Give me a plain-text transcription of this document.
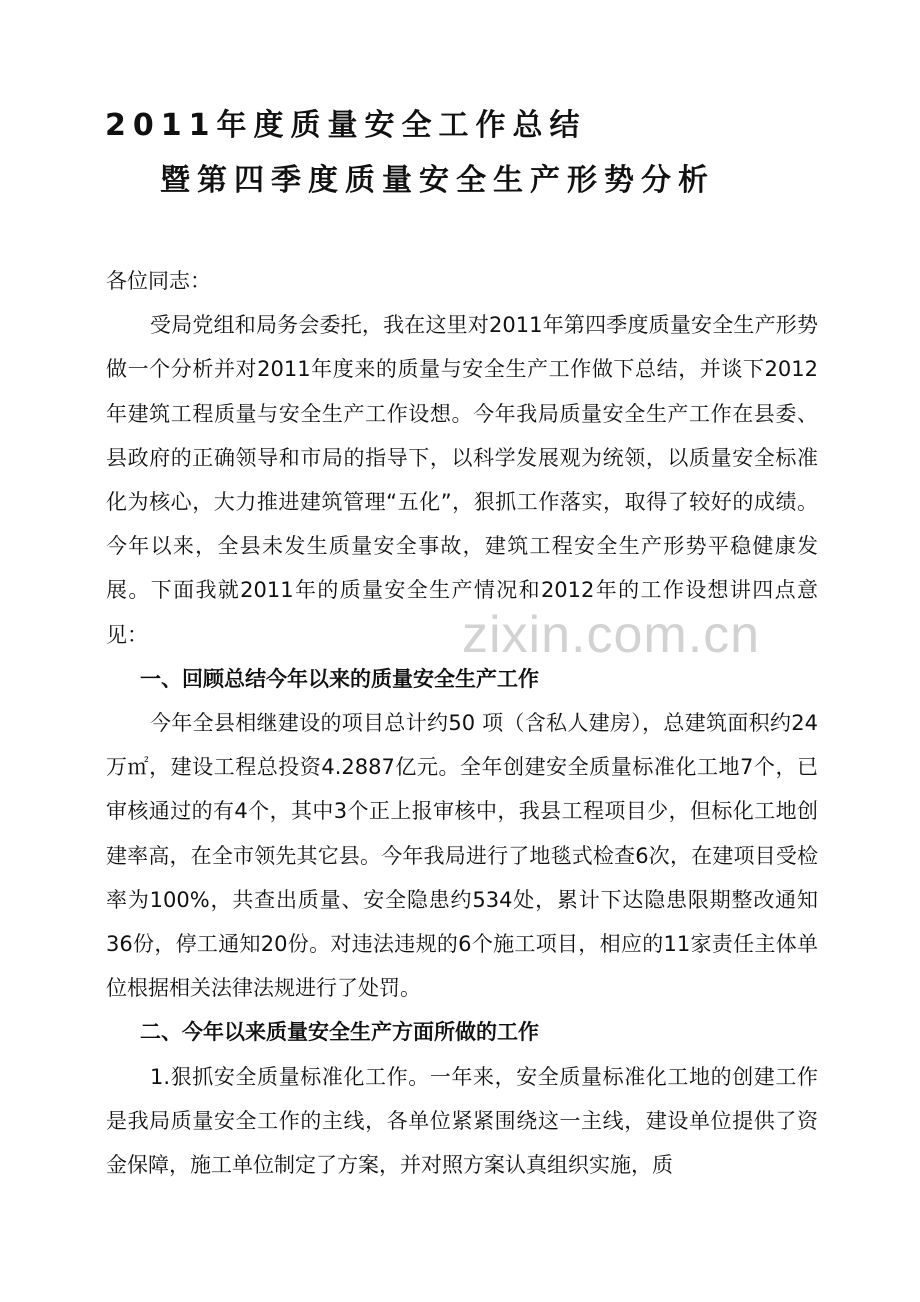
2011年度质量安全工作总结
暨第四季度质量安全生产形势分析

各位同志：

受局党组和局务会委托，我在这里对2011年第四季度质量安全生产形势做一个分析并对2011年度来的质量与安全生产工作做下总结，并谈下2012年建筑工程质量与安全生产工作设想。今年我局质量安全生产工作在县委、县政府的正确领导和市局的指导下，以科学发展观为统领，以质量安全标准化为核心，大力推进建筑管理“五化”，狠抓工作落实，取得了较好的成绩。今年以来，全县未发生质量安全事故，建筑工程安全生产形势平稳健康发展。下面我就2011年的质量安全生产情况和2012年的工作设想讲四点意见：

一、回顾总结今年以来的质量安全生产工作

今年全县相继建设的项目总计约50 项（含私人建房），总建筑面积约24万㎡，建设工程总投资4.2887亿元。全年创建安全质量标准化工地7个，已审核通过的有4个，其中3个正上报审核中，我县工程项目少，但标化工地创建率高，在全市领先其它县。今年我局进行了地毯式检查6次，在建项目受检率为100%，共查出质量、安全隐患约534处，累计下达隐患限期整改通知36份，停工通知20份。对违法违规的6个施工项目，相应的11家责任主体单位根据相关法律法规进行了处罚。

二、今年以来质量安全生产方面所做的工作

1.狠抓安全质量标准化工作。一年来，安全质量标准化工地的创建工作是我局质量安全工作的主线，各单位紧紧围绕这一主线，建设单位提供了资金保障，施工单位制定了方案，并对照方案认真组织实施，质

zixin.com.cn
